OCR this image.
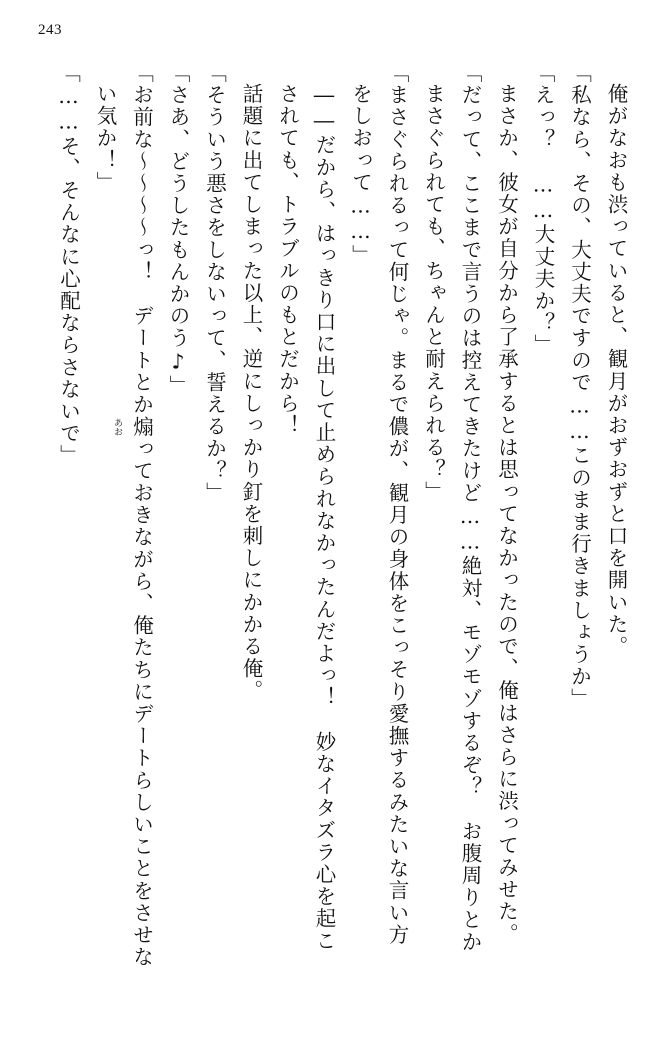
243

俺がなおも渋っていると、観月がおずおずと口を開いた。

「私なら、その、大丈夫ですので……このまま行きましょうか」

「えっ？　……大丈夫か？」

まさか、彼女が自分から了承するとは思ってなかったので、俺はさらに渋ってみせた。

「だって、ここまで言うのは控えてきたけど……絶対、モゾモゾするぞ？　お腹周りとか

まさぐられても、ちゃんと耐えられる？」

「まさぐられるって何じゃ。まるで儂が、観月の身体をこっそり愛撫するみたいな言い方

をしおって……」

――だから、はっきり口に出して止められなかったんだよっ！　妙なイタズラ心を起こ

されても、トラブルのもとだから！

話題に出てしまった以上、逆にしっかり釘を刺しにかかる俺。

「そういう悪さをしないって、誓えるか？」

「さあ、どうしたもんかのう♪」

「お前な～～～～っ！　デートとか煽
あお
っておきながら、俺たちにデートらしいことをさせな

い気か！」

「……そ、そんなに心配ならさないで」
